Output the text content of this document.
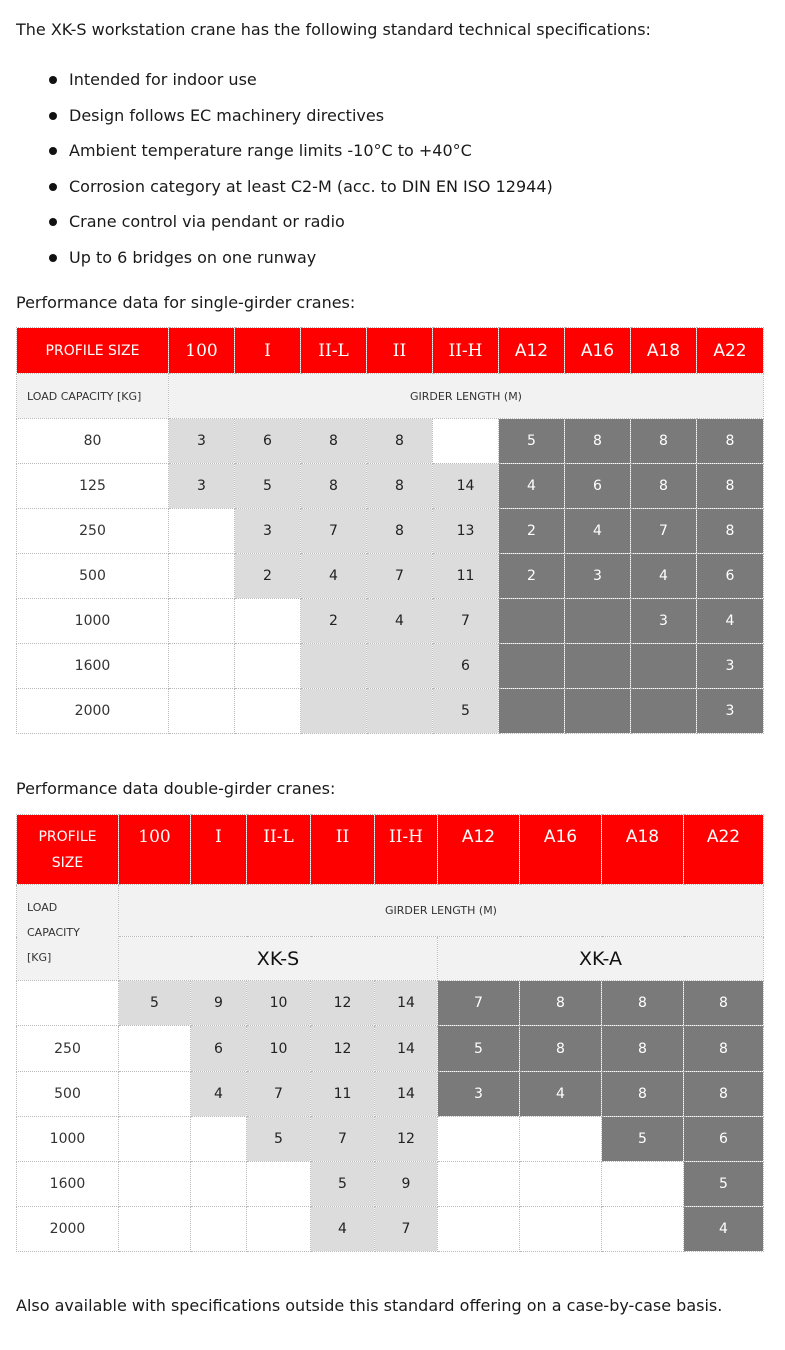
The XK-S workstation crane has the following standard technical specifications:

Intended for indoor use
Design follows EC machinery directives
Ambient temperature range limits -10°C to +40°C
Corrosion category at least C2-M (acc. to DIN EN ISO 12944)
Crane control via pendant or radio
Up to 6 bridges on one runway

Performance data for single-girder cranes:

PROFILE SIZE	100	I	II-L	II	II-H	A12	A16	A18	A22
LOAD CAPACITY [KG]	GIRDER LENGTH (M)								
80	3	6	8	8		5	8	8	8
125	3	5	8	8	14	4	6	8	8
250		3	7	8	13	2	4	7	8
500		2	4	7	11	2	3	4	6
1000			2	4	7			3	4
1600					6				3
2000					5				3

Performance data double-girder cranes:

PROFILE
SIZE	100	I	II-L	II	II-H	A12	A16	A18	A22

LOAD
CAPACITY
[KG]	GIRDER LENGTH (M)								
	XK-S					XK-A			
	5	9	10	12	14	7	8	8	8
250		6	10	12	14	5	8	8	8
500		4	7	11	14	3	4	8	8
1000			5	7	12			5	6
1600				5	9				5
2000				4	7				4

Also available with specifications outside this standard offering on a case-by-case basis.
